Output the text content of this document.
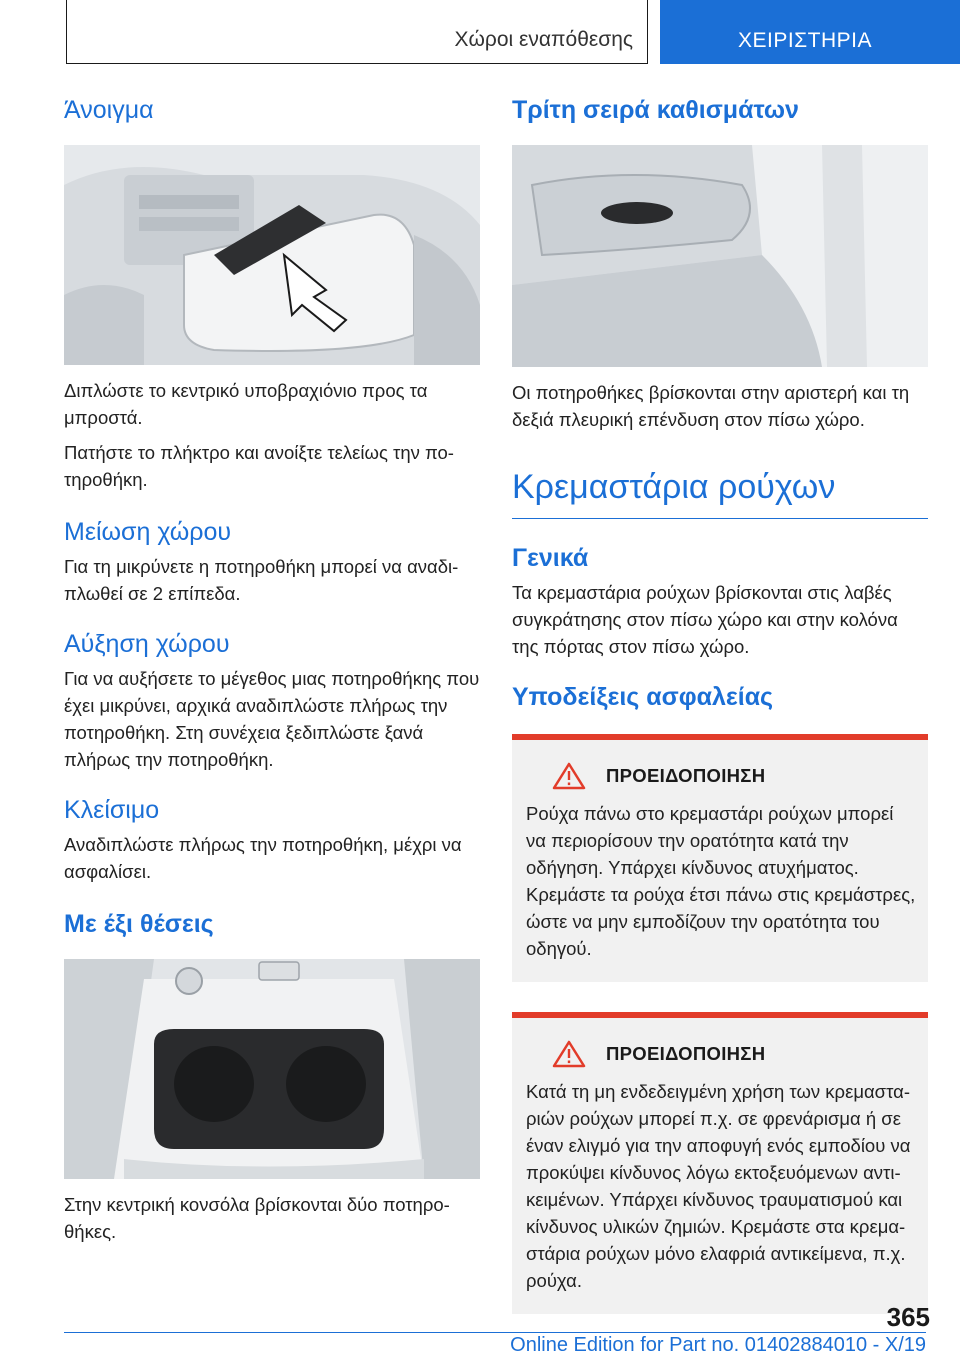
Χώροι εναπόθεσης	ΧΕΙΡΙΣΤΗΡΙΑ
Άνοιγμα

Διπλώστε το κεντρικό υποβραχιόνιο προς τα μπροστά.

Πατήστε το πλήκτρο και ανοίξτε τελείως την πο-τηροθήκη.

Μείωση χώρου

Για τη μικρύνετε η ποτηροθήκη μπορεί να αναδι-πλωθεί σε 2 επίπεδα.

Αύξηση χώρου

Για να αυξήσετε το μέγεθος μιας ποτηροθήκης που έχει μικρύνει, αρχικά αναδιπλώστε πλήρως την ποτηροθήκη. Στη συνέχεια ξεδιπλώστε ξανά πλήρως την ποτηροθήκη.

Κλείσιμο

Αναδιπλώστε πλήρως την ποτηροθήκη, μέχρι να ασφαλίσει.

Με έξι θέσεις

Στην κεντρική κονσόλα βρίσκονται δύο ποτηρο-θήκες.

Τρίτη σειρά καθισμάτων

Οι ποτηροθήκες βρίσκονται στην αριστερή και τη δεξιά πλευρική επένδυση στον πίσω χώρο.

Κρεμαστάρια ρούχων
Γενικά

Τα κρεμαστάρια ρούχων βρίσκονται στις λαβές συγκράτησης στον πίσω χώρο και στην κολόνα της πόρτας στον πίσω χώρο.

Υποδείξεις ασφαλείας
ΠΡΟΕΙΔΟΠΟΙΗΣΗ

Ρούχα πάνω στο κρεμαστάρι ρούχων μπορεί να περιορίσουν την ορατότητα κατά την οδήγηση. Υπάρχει κίνδυνος ατυχήματος. Κρεμάστε τα ρούχα έτσι πάνω στις κρεμάστρες, ώστε να μην εμποδίζουν την ορατότητα του οδηγού.

ΠΡΟΕΙΔΟΠΟΙΗΣΗ

Κατά τη μη ενδεδειγμένη χρήση των κρεμαστα-ριών ρούχων μπορεί π.χ. σε φρενάρισμα ή σε έναν ελιγμό για την αποφυγή ενός εμποδίου να προκύψει κίνδυνος λόγω εκτοξευόμενων αντι-κειμένων. Υπάρχει κίνδυνος τραυματισμού και κίνδυνος υλικών ζημιών. Κρεμάστε στα κρεμα-στάρια ρούχων μόνο ελαφριά αντικείμενα, π.χ. ρούχα.

365
Online Edition for Part no. 01402884010 - X/19
